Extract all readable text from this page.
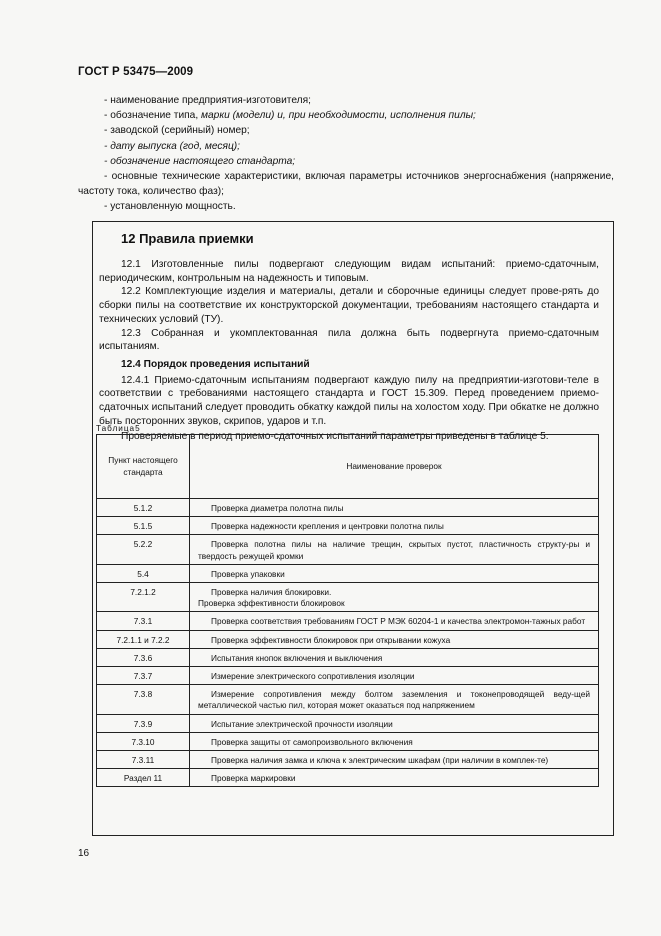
ГОСТ Р 53475—2009

- наименование предприятия-изготовителя;

- обозначение типа, марки (модели) и, при необходимости, исполнения пилы;

- заводской (серийный) номер;

- дату выпуска (год, месяц);

- обозначение настоящего стандарта;

- основные технические характеристики, включая параметры источников энергоснабжения (напряжение, частоту тока, количество фаз);

- установленную мощность.

12 Правила приемки

12.1 Изготовленные пилы подвергают следующим видам испытаний: приемо-сдаточным, периодическим, контрольным на надежность и типовым.

12.2 Комплектующие изделия и материалы, детали и сборочные единицы следует прове-рять до сборки пилы на соответствие их конструкторской документации, требованиям настоящего стандарта и технических условий (ТУ).

12.3 Собранная и укомплектованная пила должна быть подвергнута приемо-сдаточным испытаниям.

12.4 Порядок проведения испытаний

12.4.1 Приемо-сдаточным испытаниям подвергают каждую пилу на предприятии-изготови-теле в соответствии с требованиями настоящего стандарта и ГОСТ 15.309. Перед проведением приемо-сдаточных испытаний следует проводить обкатку каждой пилы на холостом ходу. При обкатке не должно быть посторонних звуков, скрипов, ударов и т.п.

Проверяемые в период приемо-сдаточных испытаний параметры приведены в таблице 5.

Таблица5
Пункт настоящего стандарта	Наименование проверок
5.1.2	Проверка диаметра полотна пилы
5.1.5	Проверка надежности крепления и центровки полотна пилы
5.2.2	Проверка полотна пилы на наличие трещин, скрытых пустот, пластичность структу-ры и твердость режущей кромки
5.4	Проверка упаковки
7.2.1.2	Проверка наличия блокировки.
Проверка эффективности блокировок
7.3.1	Проверка соответствия требованиям ГОСТ Р МЭК 60204-1 и качества электромон-тажных работ
7.2.1.1 и 7.2.2	Проверка эффективности блокировок при открывании кожуха
7.3.6	Испытания кнопок включения и выключения
7.3.7	Измерение электрического сопротивления изоляции
7.3.8	Измерение сопротивления между болтом заземления и токонепроводящей веду-щей металлической частью пил, которая может оказаться под напряжением
7.3.9	Испытание электрической прочности изоляции
7.3.10	Проверка защиты от самопроизвольного включения
7.3.11	Проверка наличия замка и ключа к электрическим шкафам (при наличии в комплек-те)
Раздел 11	Проверка маркировки
16
